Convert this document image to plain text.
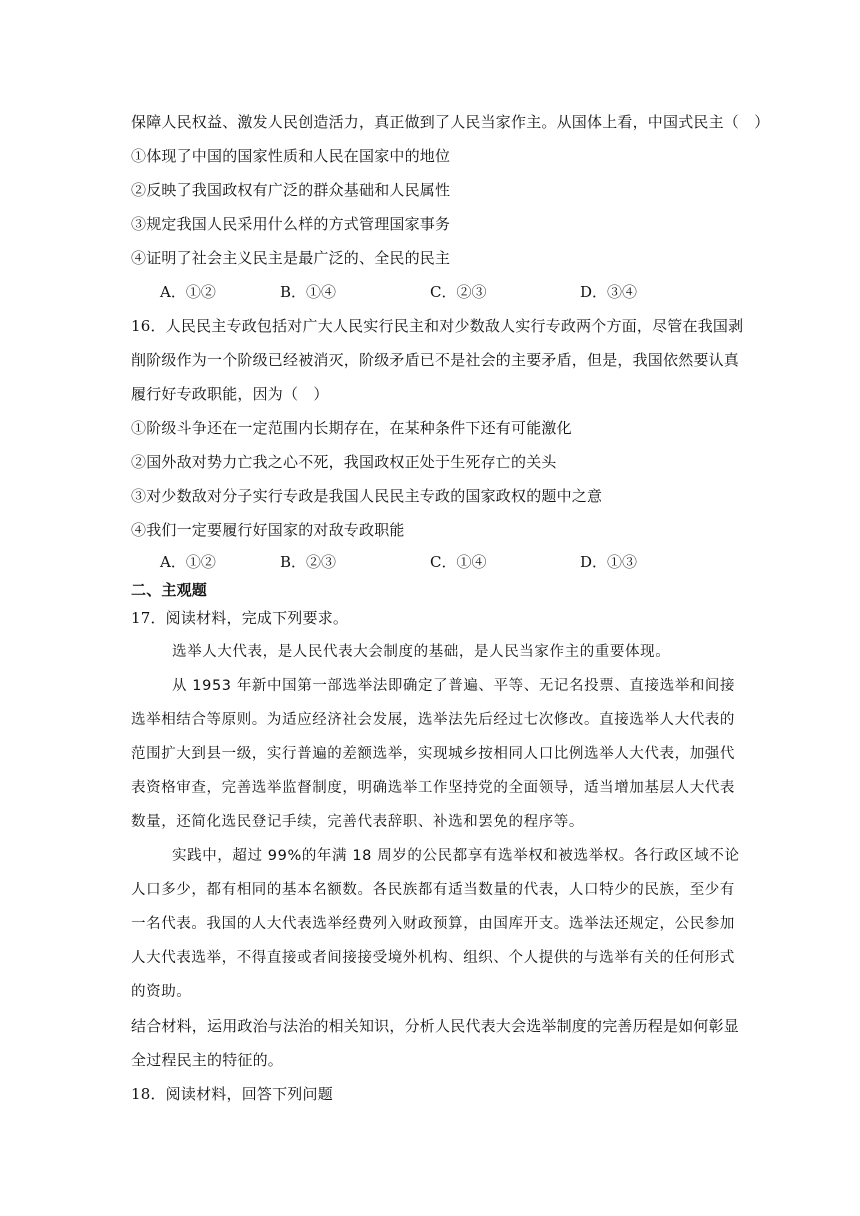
保障人民权益、激发人民创造活力，真正做到了人民当家作主。从国体上看，中国式民主（　）
①体现了中国的国家性质和人民在国家中的地位
②反映了我国政权有广泛的群众基础和人民属性
③规定我国人民采用什么样的方式管理国家事务
④证明了社会主义民主是最广泛的、全民的民主
A．①②	B．①④	C．②③	D．③④
16．人民民主专政包括对广大人民实行民主和对少数敌人实行专政两个方面，尽管在我国剥
削阶级作为一个阶级已经被消灭，阶级矛盾已不是社会的主要矛盾，但是，我国依然要认真
履行好专政职能，因为（　）
①阶级斗争还在一定范围内长期存在，在某种条件下还有可能激化
②国外敌对势力亡我之心不死，我国政权正处于生死存亡的关头
③对少数敌对分子实行专政是我国人民民主专政的国家政权的题中之意
④我们一定要履行好国家的对敌专政职能
A．①②	B．②③	C．①④	D．①③
二、主观题
17．阅读材料，完成下列要求。
选举人大代表，是人民代表大会制度的基础，是人民当家作主的重要体现。
从 1953 年新中国第一部选举法即确定了普遍、平等、无记名投票、直接选举和间接
选举相结合等原则。为适应经济社会发展，选举法先后经过七次修改。直接选举人大代表的
范围扩大到县一级，实行普遍的差额选举，实现城乡按相同人口比例选举人大代表，加强代
表资格审查，完善选举监督制度，明确选举工作坚持党的全面领导，适当增加基层人大代表
数量，还简化选民登记手续，完善代表辞职、补选和罢免的程序等。
实践中，超过 99%的年满 18 周岁的公民都享有选举权和被选举权。各行政区域不论
人口多少，都有相同的基本名额数。各民族都有适当数量的代表，人口特少的民族，至少有
一名代表。我国的人大代表选举经费列入财政预算，由国库开支。选举法还规定，公民参加
人大代表选举，不得直接或者间接接受境外机构、组织、个人提供的与选举有关的任何形式
的资助。
结合材料，运用政治与法治的相关知识，分析人民代表大会选举制度的完善历程是如何彰显
全过程民主的特征的。
18．阅读材料，回答下列问题
